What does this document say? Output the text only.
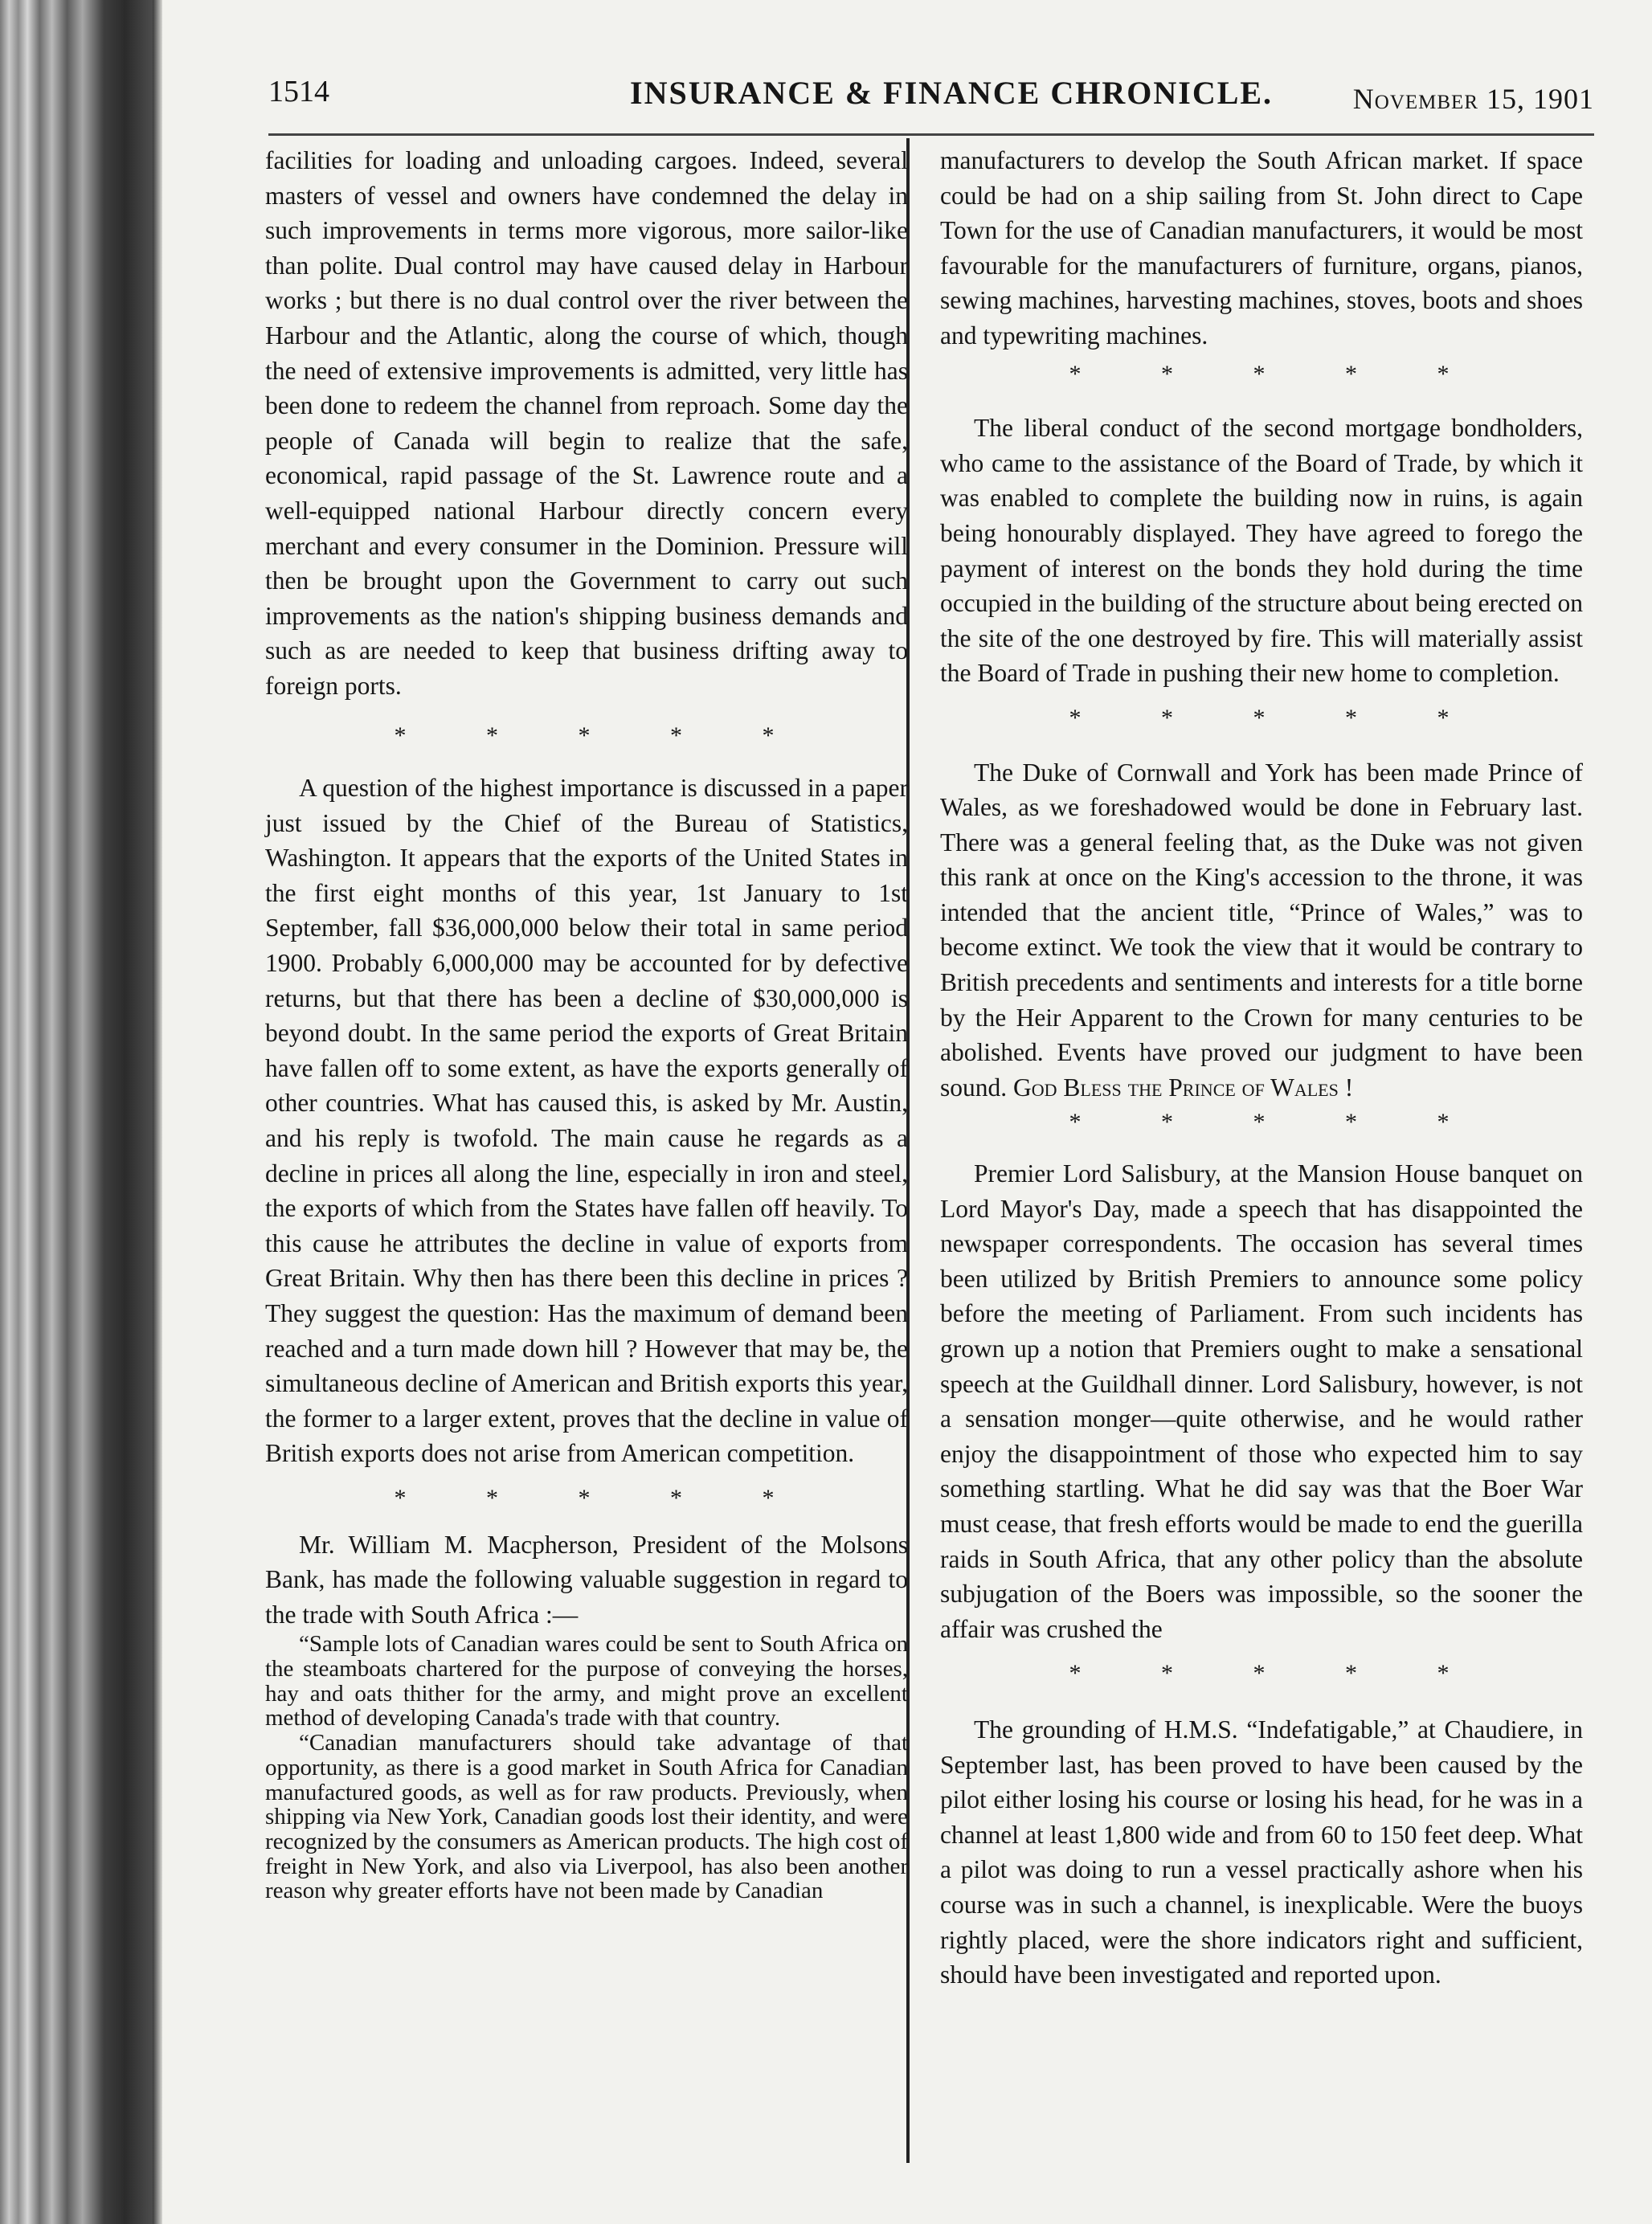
1514	INSURANCE & FINANCE CHRONICLE.	November 15, 1901

facilities for loading and unloading cargoes. Indeed, several masters of vessel and owners have condemned the delay in such improvements in terms more vigorous, more sailor-like than polite. Dual control may have caused delay in Harbour works ; but there is no dual control over the river between the Harbour and the Atlantic, along the course of which, though the need of extensive improvements is admitted, very little has been done to redeem the channel from reproach. Some day the people of Canada will begin to realize that the safe, economical, rapid passage of the St. Lawrence route and a well-equipped national Harbour directly concern every merchant and every consumer in the Dominion. Pressure will then be brought upon the Government to carry out such improvements as the nation's shipping business demands and such as are needed to keep that business drifting away to foreign ports.

* * * * *

A question of the highest importance is discussed in a paper just issued by the Chief of the Bureau of Statistics, Washington. It appears that the exports of the United States in the first eight months of this year, 1st January to 1st September, fall $36,000,000 below their total in same period 1900. Probably 6,000,000 may be accounted for by defective returns, but that there has been a decline of $30,000,000 is beyond doubt. In the same period the exports of Great Britain have fallen off to some extent, as have the exports generally of other countries. What has caused this, is asked by Mr. Austin, and his reply is twofold. The main cause he regards as a decline in prices all along the line, especially in iron and steel, the exports of which from the States have fallen off heavily. To this cause he attributes the decline in value of exports from Great Britain. Why then has there been this decline in prices ? They suggest the question: Has the maximum of demand been reached and a turn made down hill ? However that may be, the simultaneous decline of American and British exports this year, the former to a larger extent, proves that the decline in value of British exports does not arise from American competition.

* * * * *

Mr. William M. Macpherson, President of the Molsons Bank, has made the following valuable suggestion in regard to the trade with South Africa :—

“Sample lots of Canadian wares could be sent to South Africa on the steamboats chartered for the purpose of conveying the horses, hay and oats thither for the army, and might prove an excellent method of developing Canada's trade with that country.

“Canadian manufacturers should take advantage of that opportunity, as there is a good market in South Africa for Canadian manufactured goods, as well as for raw products. Previously, when shipping via New York, Canadian goods lost their identity, and were recognized by the consumers as American products. The high cost of freight in New York, and also via Liverpool, has also been another reason why greater efforts have not been made by Canadian

manufacturers to develop the South African market. If space could be had on a ship sailing from St. John direct to Cape Town for the use of Canadian manufacturers, it would be most favourable for the manufacturers of furniture, organs, pianos, sewing machines, harvesting machines, stoves, boots and shoes and typewriting machines.

* * * * *

The liberal conduct of the second mortgage bondholders, who came to the assistance of the Board of Trade, by which it was enabled to complete the building now in ruins, is again being honourably displayed. They have agreed to forego the payment of interest on the bonds they hold during the time occupied in the building of the structure about being erected on the site of the one destroyed by fire. This will materially assist the Board of Trade in pushing their new home to completion.

* * * * *

The Duke of Cornwall and York has been made Prince of Wales, as we foreshadowed would be done in February last. There was a general feeling that, as the Duke was not given this rank at once on the King's accession to the throne, it was intended that the ancient title, “Prince of Wales,” was to become extinct. We took the view that it would be contrary to British precedents and sentiments and interests for a title borne by the Heir Apparent to the Crown for many centuries to be abolished. Events have proved our judgment to have been sound. God Bless the Prince of Wales !

* * * * *

Premier Lord Salisbury, at the Mansion House banquet on Lord Mayor's Day, made a speech that has disappointed the newspaper correspondents. The occasion has several times been utilized by British Premiers to announce some policy before the meeting of Parliament. From such incidents has grown up a notion that Premiers ought to make a sensational speech at the Guildhall dinner. Lord Salisbury, however, is not a sensation monger—quite otherwise, and he would rather enjoy the disappointment of those who expected him to say something startling. What he did say was that the Boer War must cease, that fresh efforts would be made to end the guerilla raids in South Africa, that any other policy than the absolute subjugation of the Boers was impossible, so the sooner the affair was crushed the

* * * * *

The grounding of H.M.S. “Indefatigable,” at Chaudiere, in September last, has been proved to have been caused by the pilot either losing his course or losing his head, for he was in a channel at least 1,800 wide and from 60 to 150 feet deep. What a pilot was doing to run a vessel practically ashore when his course was in such a channel, is inexplicable. Were the buoys rightly placed, were the shore indicators right and sufficient, should have been investigated and reported upon.
